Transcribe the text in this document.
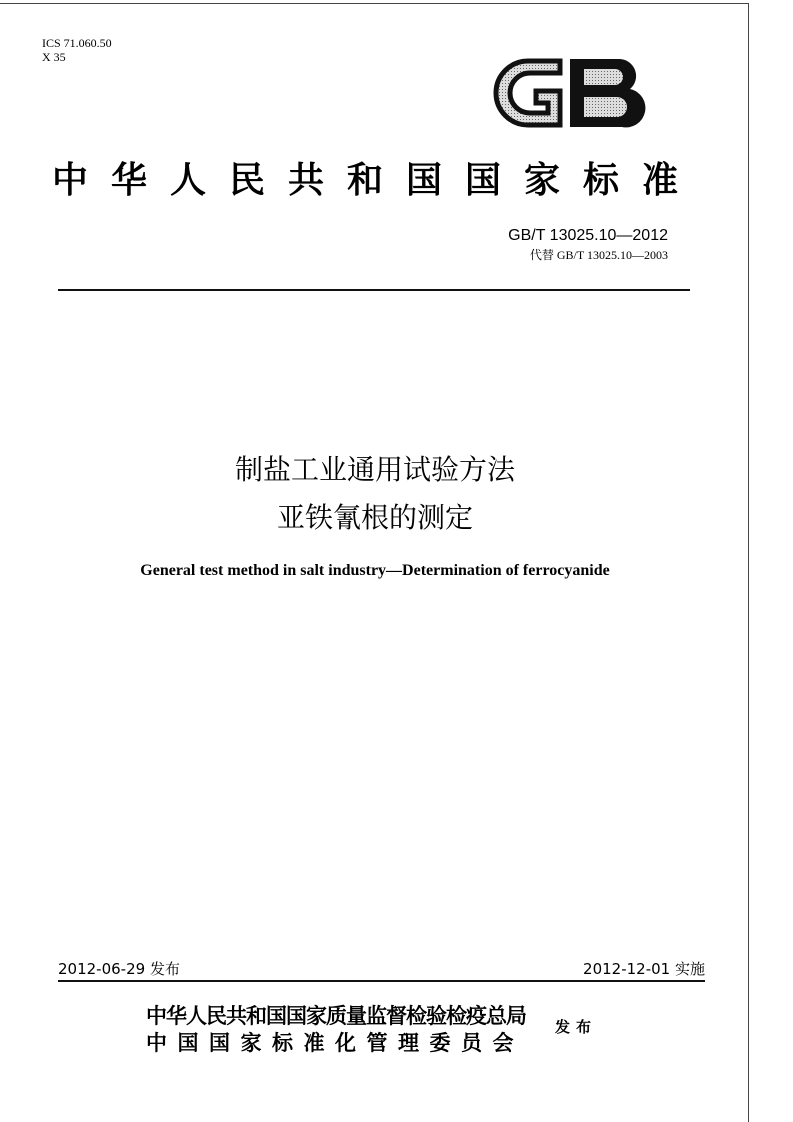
ICS 71.060.50
X 35
中华人民共和国国家标准
GB/T 13025.10—2012
代替 GB/T 13025.10—2003
制盐工业通用试验方法
亚铁氰根的测定
General test method in salt industry—Determination of ferrocyanide
2012-06-29 发布	2012-12-01 实施
中华人民共和国国家质量监督检验检疫总局
中国国家标准化管理委员会
发布
